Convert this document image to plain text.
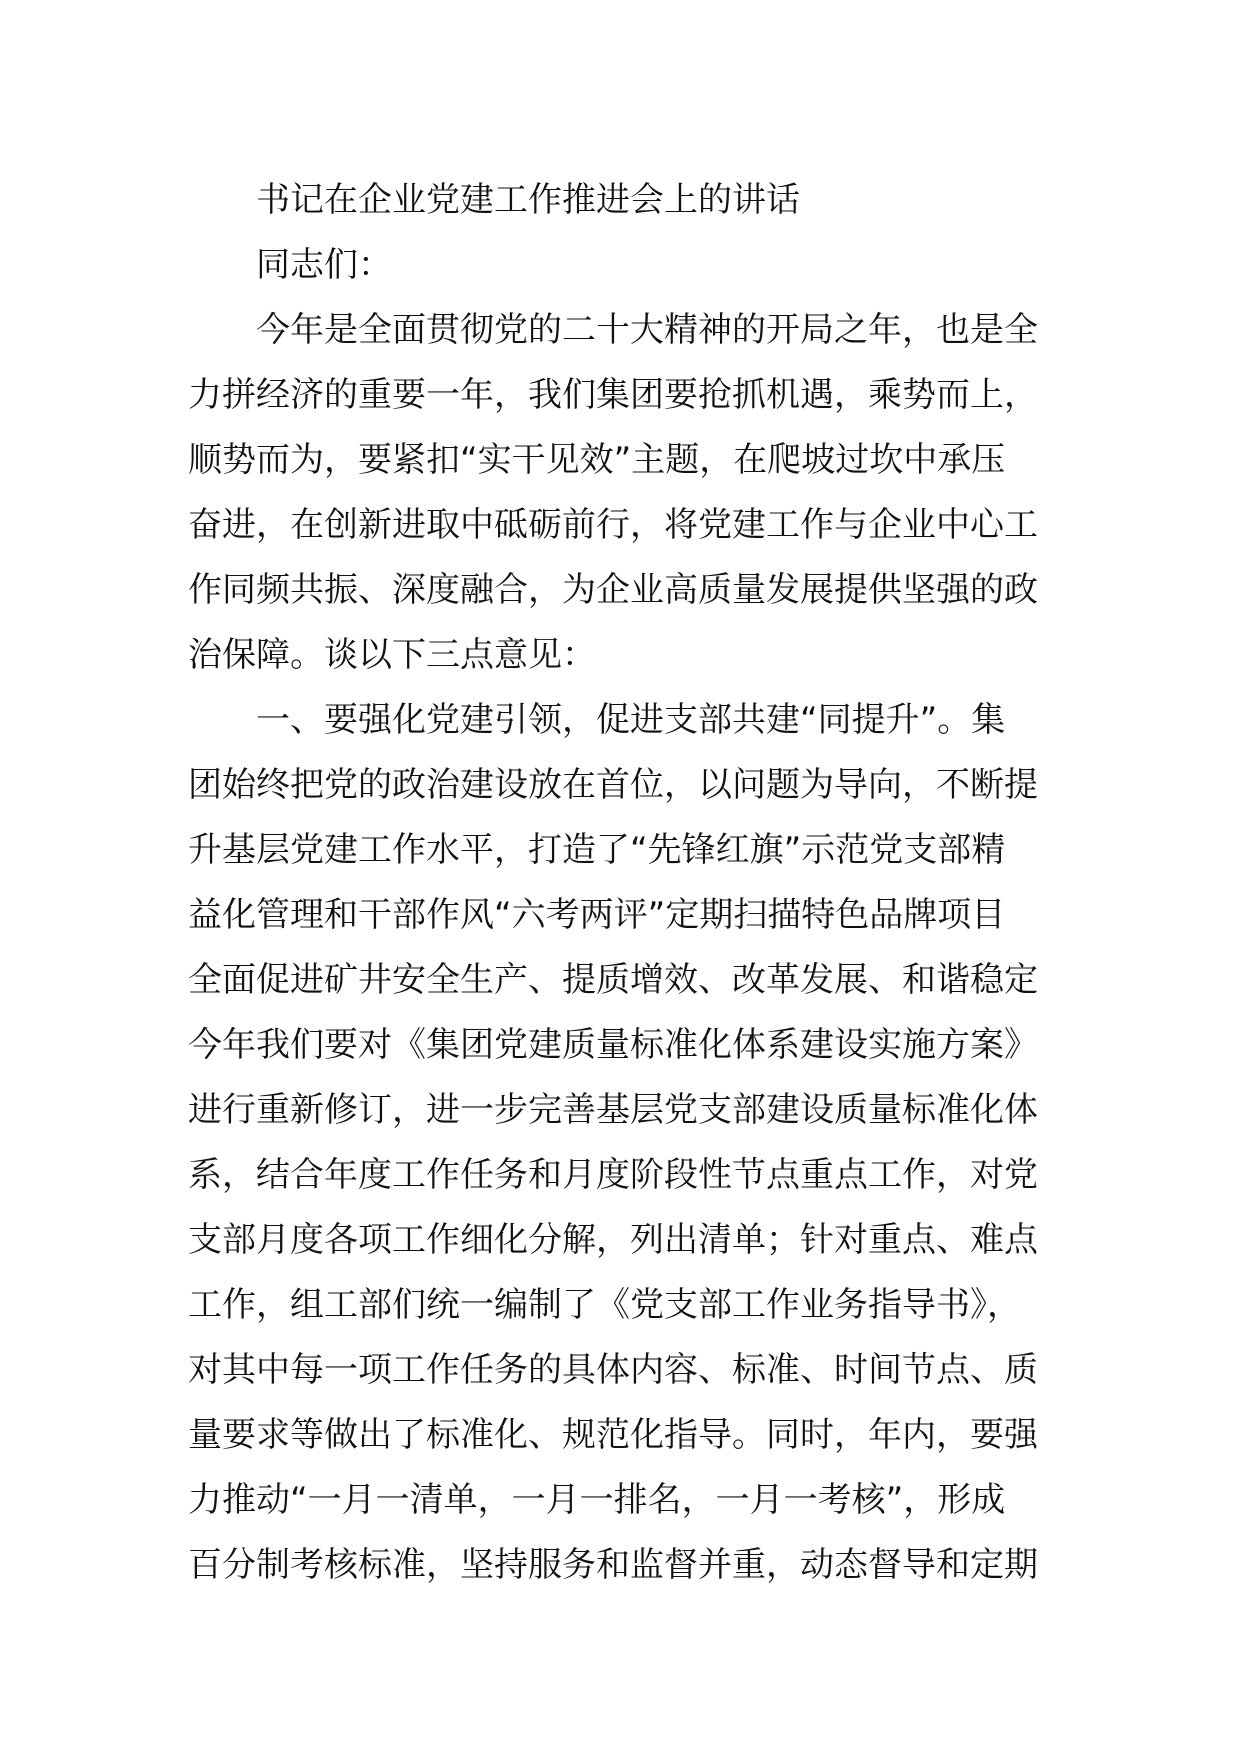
书记在企业党建工作推进会上的讲话
同志们：
今年是全面贯彻党的二十大精神的开局之年，也是全
力拼经济的重要一年，我们集团要抢抓机遇，乘势而上，
顺势而为，要紧扣“实干见效”主题，在爬坡过坎中承压
奋进，在创新进取中砥砺前行，将党建工作与企业中心工
作同频共振、深度融合，为企业高质量发展提供坚强的政
治保障。谈以下三点意见：
一、要强化党建引领，促进支部共建“同提升”。集
团始终把党的政治建设放在首位，以问题为导向，不断提
升基层党建工作水平，打造了“先锋红旗”示范党支部精
益化管理和干部作风“六考两评”定期扫描特色品牌项目
全面促进矿井安全生产、提质增效、改革发展、和谐稳定
今年我们要对《集团党建质量标准化体系建设实施方案》
进行重新修订，进一步完善基层党支部建设质量标准化体
系，结合年度工作任务和月度阶段性节点重点工作，对党
支部月度各项工作细化分解，列出清单；针对重点、难点
工作，组工部们统一编制了《党支部工作业务指导书》，
对其中每一项工作任务的具体内容、标准、时间节点、质
量要求等做出了标准化、规范化指导。同时，年内，要强
力推动“一月一清单，一月一排名，一月一考核”，形成
百分制考核标准，坚持服务和监督并重，动态督导和定期
